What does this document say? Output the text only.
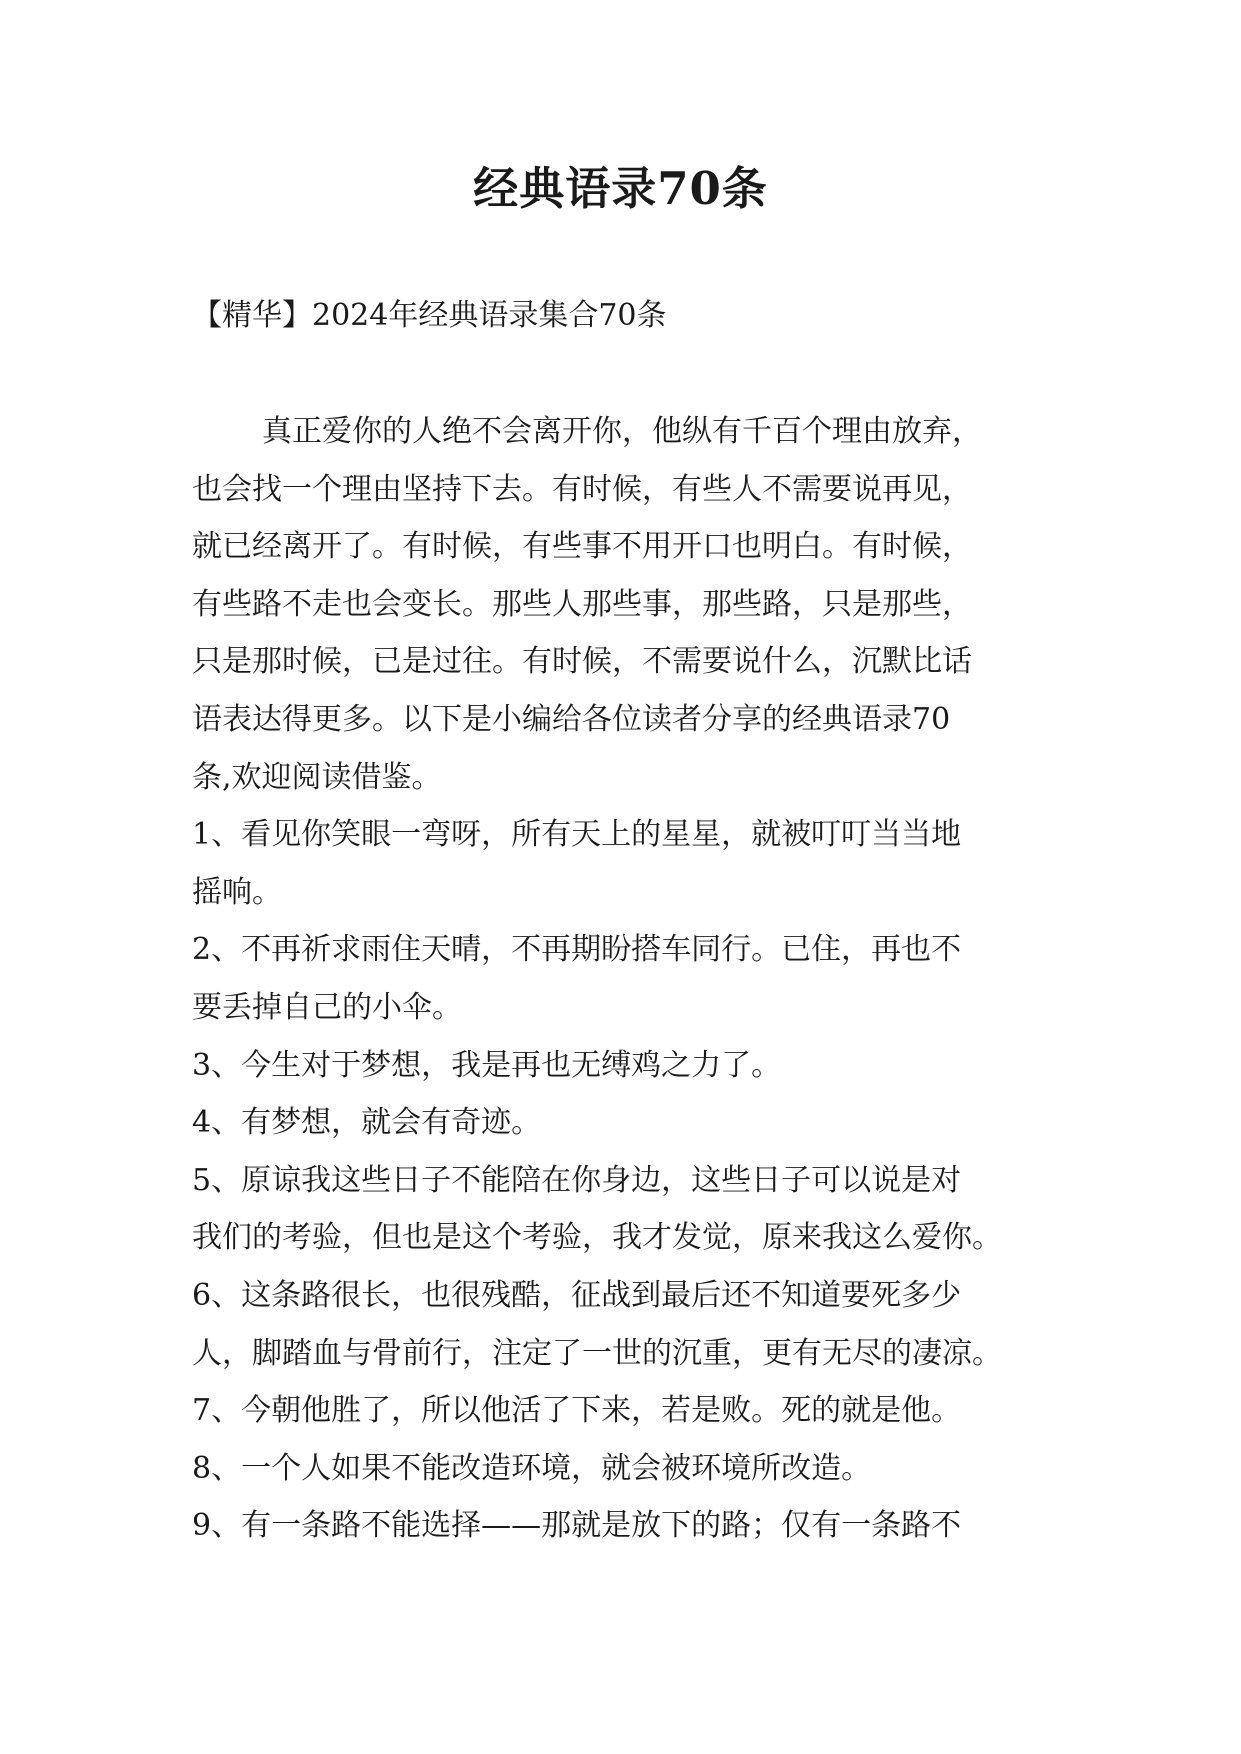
经典语录70条

【精华】2024年经典语录集合70条

真正爱你的人绝不会离开你，他纵有千百个理由放弃，
也会找一个理由坚持下去。有时候，有些人不需要说再见，
就已经离开了。有时候，有些事不用开口也明白。有时候，
有些路不走也会变长。那些人那些事，那些路，只是那些，
只是那时候，已是过往。有时候，不需要说什么，沉默比话
语表达得更多。以下是小编给各位读者分享的经典语录70
条,欢迎阅读借鉴。

1、看见你笑眼一弯呀，所有天上的星星，就被叮叮当当地
摇响。
2、不再祈求雨住天晴，不再期盼搭车同行。已住，再也不
要丢掉自己的小伞。
3、今生对于梦想，我是再也无缚鸡之力了。
4、有梦想，就会有奇迹。
5、原谅我这些日子不能陪在你身边，这些日子可以说是对
我们的考验，但也是这个考验，我才发觉，原来我这么爱你。
6、这条路很长，也很残酷，征战到最后还不知道要死多少
人，脚踏血与骨前行，注定了一世的沉重，更有无尽的凄凉。
7、今朝他胜了，所以他活了下来，若是败。死的就是他。
8、一个人如果不能改造环境，就会被环境所改造。
9、有一条路不能选择——那就是放下的路；仅有一条路不
